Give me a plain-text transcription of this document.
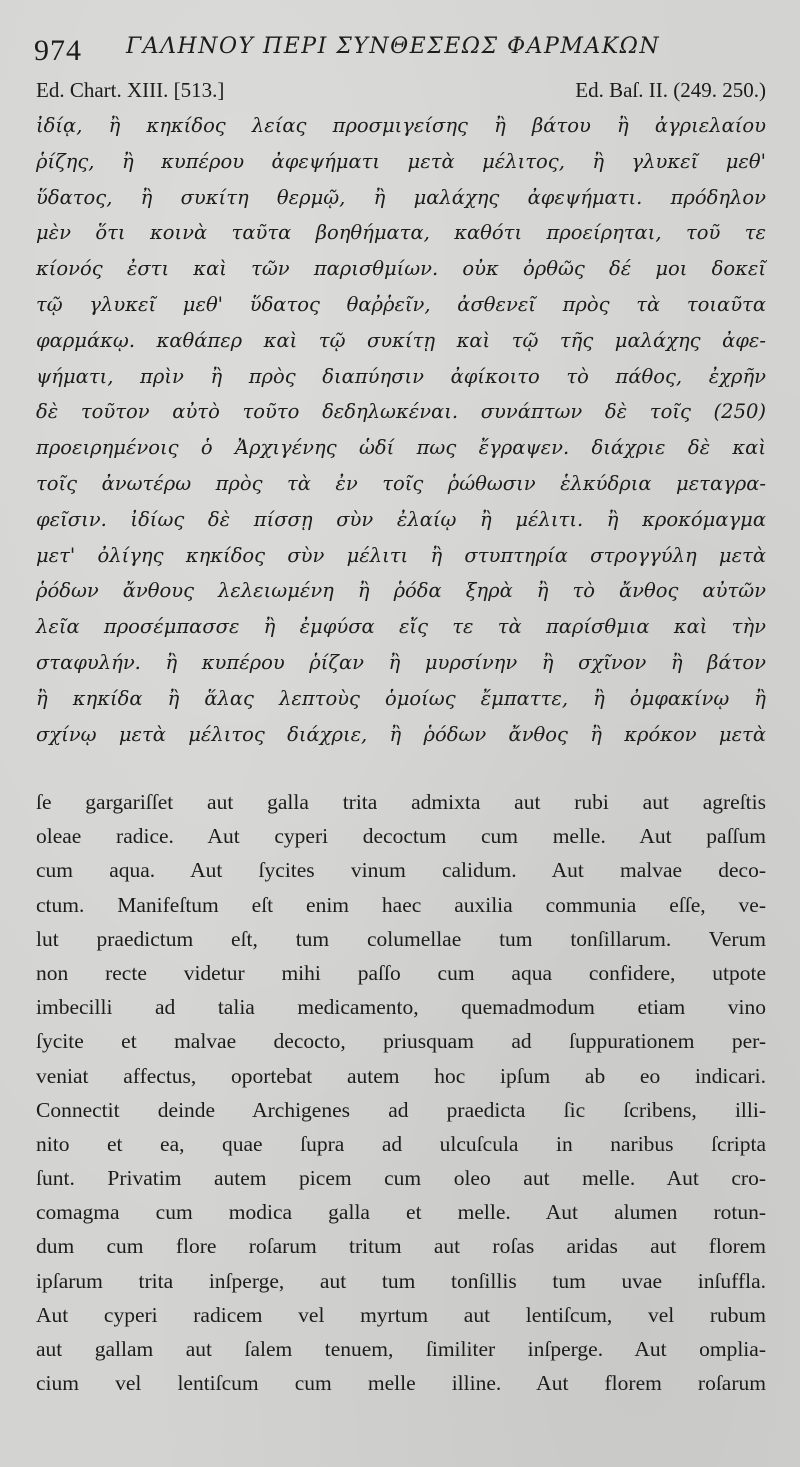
974 ΓΑΛΗΝΟΥ ΠΕΡΙ ΣΥΝΘΕΣΕΩΣ ΦΑΡΜΑΚΩΝ
Ed. Chart. XIII. [513.]	Ed. Baſ. II. (249. 250.)
ἰδίᾳ, ἢ κηκίδος λείας προσμιγείσης ἢ βάτου ἢ ἀγριελαίου
ῥίζης, ἢ κυπέρου ἀφεψήματι μετὰ μέλιτος, ἢ γλυκεῖ μεθ'
ὕδατος, ἢ συκίτη θερμῷ, ἢ μαλάχης ἀφεψήματι. πρόδηλον
μὲν ὅτι κοινὰ ταῦτα βοηθήματα, καθότι προείρηται, τοῦ τε
κίονός ἐστι καὶ τῶν παρισθμίων. οὐκ ὀρθῶς δέ μοι δοκεῖ
τῷ γλυκεῖ μεθ' ὕδατος θαῤῥεῖν, ἀσθενεῖ πρὸς τὰ τοιαῦτα
φαρμάκῳ. καθάπερ καὶ τῷ συκίτῃ καὶ τῷ τῆς μαλάχης ἀφε-
ψήματι, πρὶν ἢ πρὸς διαπύησιν ἀφίκοιτο τὸ πάθος, ἐχρῆν
δὲ τοῦτον αὐτὸ τοῦτο δεδηλωκέναι. συνάπτων δὲ τοῖς (250)
προειρημένοις ὁ Ἀρχιγένης ὡδί πως ἔγραψεν. διάχριε δὲ καὶ
τοῖς ἀνωτέρω πρὸς τὰ ἐν τοῖς ῥώθωσιν ἑλκύδρια μεταγρα-
φεῖσιν. ἰδίως δὲ πίσσῃ σὺν ἐλαίῳ ἢ μέλιτι. ἢ κροκόμαγμα
μετ' ὀλίγης κηκίδος σὺν μέλιτι ἢ στυπτηρία στρογγύλη μετὰ
ῥόδων ἄνθους λελειωμένη ἢ ῥόδα ξηρὰ ἢ τὸ ἄνθος αὐτῶν
λεῖα προσέμπασσε ἢ ἐμφύσα εἴς τε τὰ παρίσθμια καὶ τὴν
σταφυλήν. ἢ κυπέρου ῥίζαν ἢ μυρσίνην ἢ σχῖνον ἢ βάτον
ἢ κηκίδα ἢ ἅλας λεπτοὺς ὁμοίως ἔμπαττε, ἢ ὀμφακίνῳ ἢ
σχίνῳ μετὰ μέλιτος διάχριε, ἢ ῥόδων ἄνθος ἢ κρόκον μετὰ
ſe gargariſſet aut galla trita admixta aut rubi aut agreſtis
oleae radice. Aut cyperi decoctum cum melle. Aut paſſum
cum aqua. Aut ſycites vinum calidum. Aut malvae deco-
ctum. Manifeſtum eſt enim haec auxilia communia eſſe, ve-
lut praedictum eſt, tum columellae tum tonſillarum. Verum
non recte videtur mihi paſſo cum aqua confidere, utpote
imbecilli ad talia medicamento, quemadmodum etiam vino
ſycite et malvae decocto, priusquam ad ſuppurationem per-
veniat affectus, oportebat autem hoc ipſum ab eo indicari.
Connectit deinde Archigenes ad praedicta ſic ſcribens, illi-
nito et ea, quae ſupra ad ulcuſcula in naribus ſcripta
ſunt. Privatim autem picem cum oleo aut melle. Aut cro-
comagma cum modica galla et melle. Aut alumen rotun-
dum cum flore roſarum tritum aut roſas aridas aut florem
ipſarum trita inſperge, aut tum tonſillis tum uvae inſuffla.
Aut cyperi radicem vel myrtum aut lentiſcum, vel rubum
aut gallam aut ſalem tenuem, ſimiliter inſperge. Aut omplia-
cium vel lentiſcum cum melle illine. Aut florem roſarum
